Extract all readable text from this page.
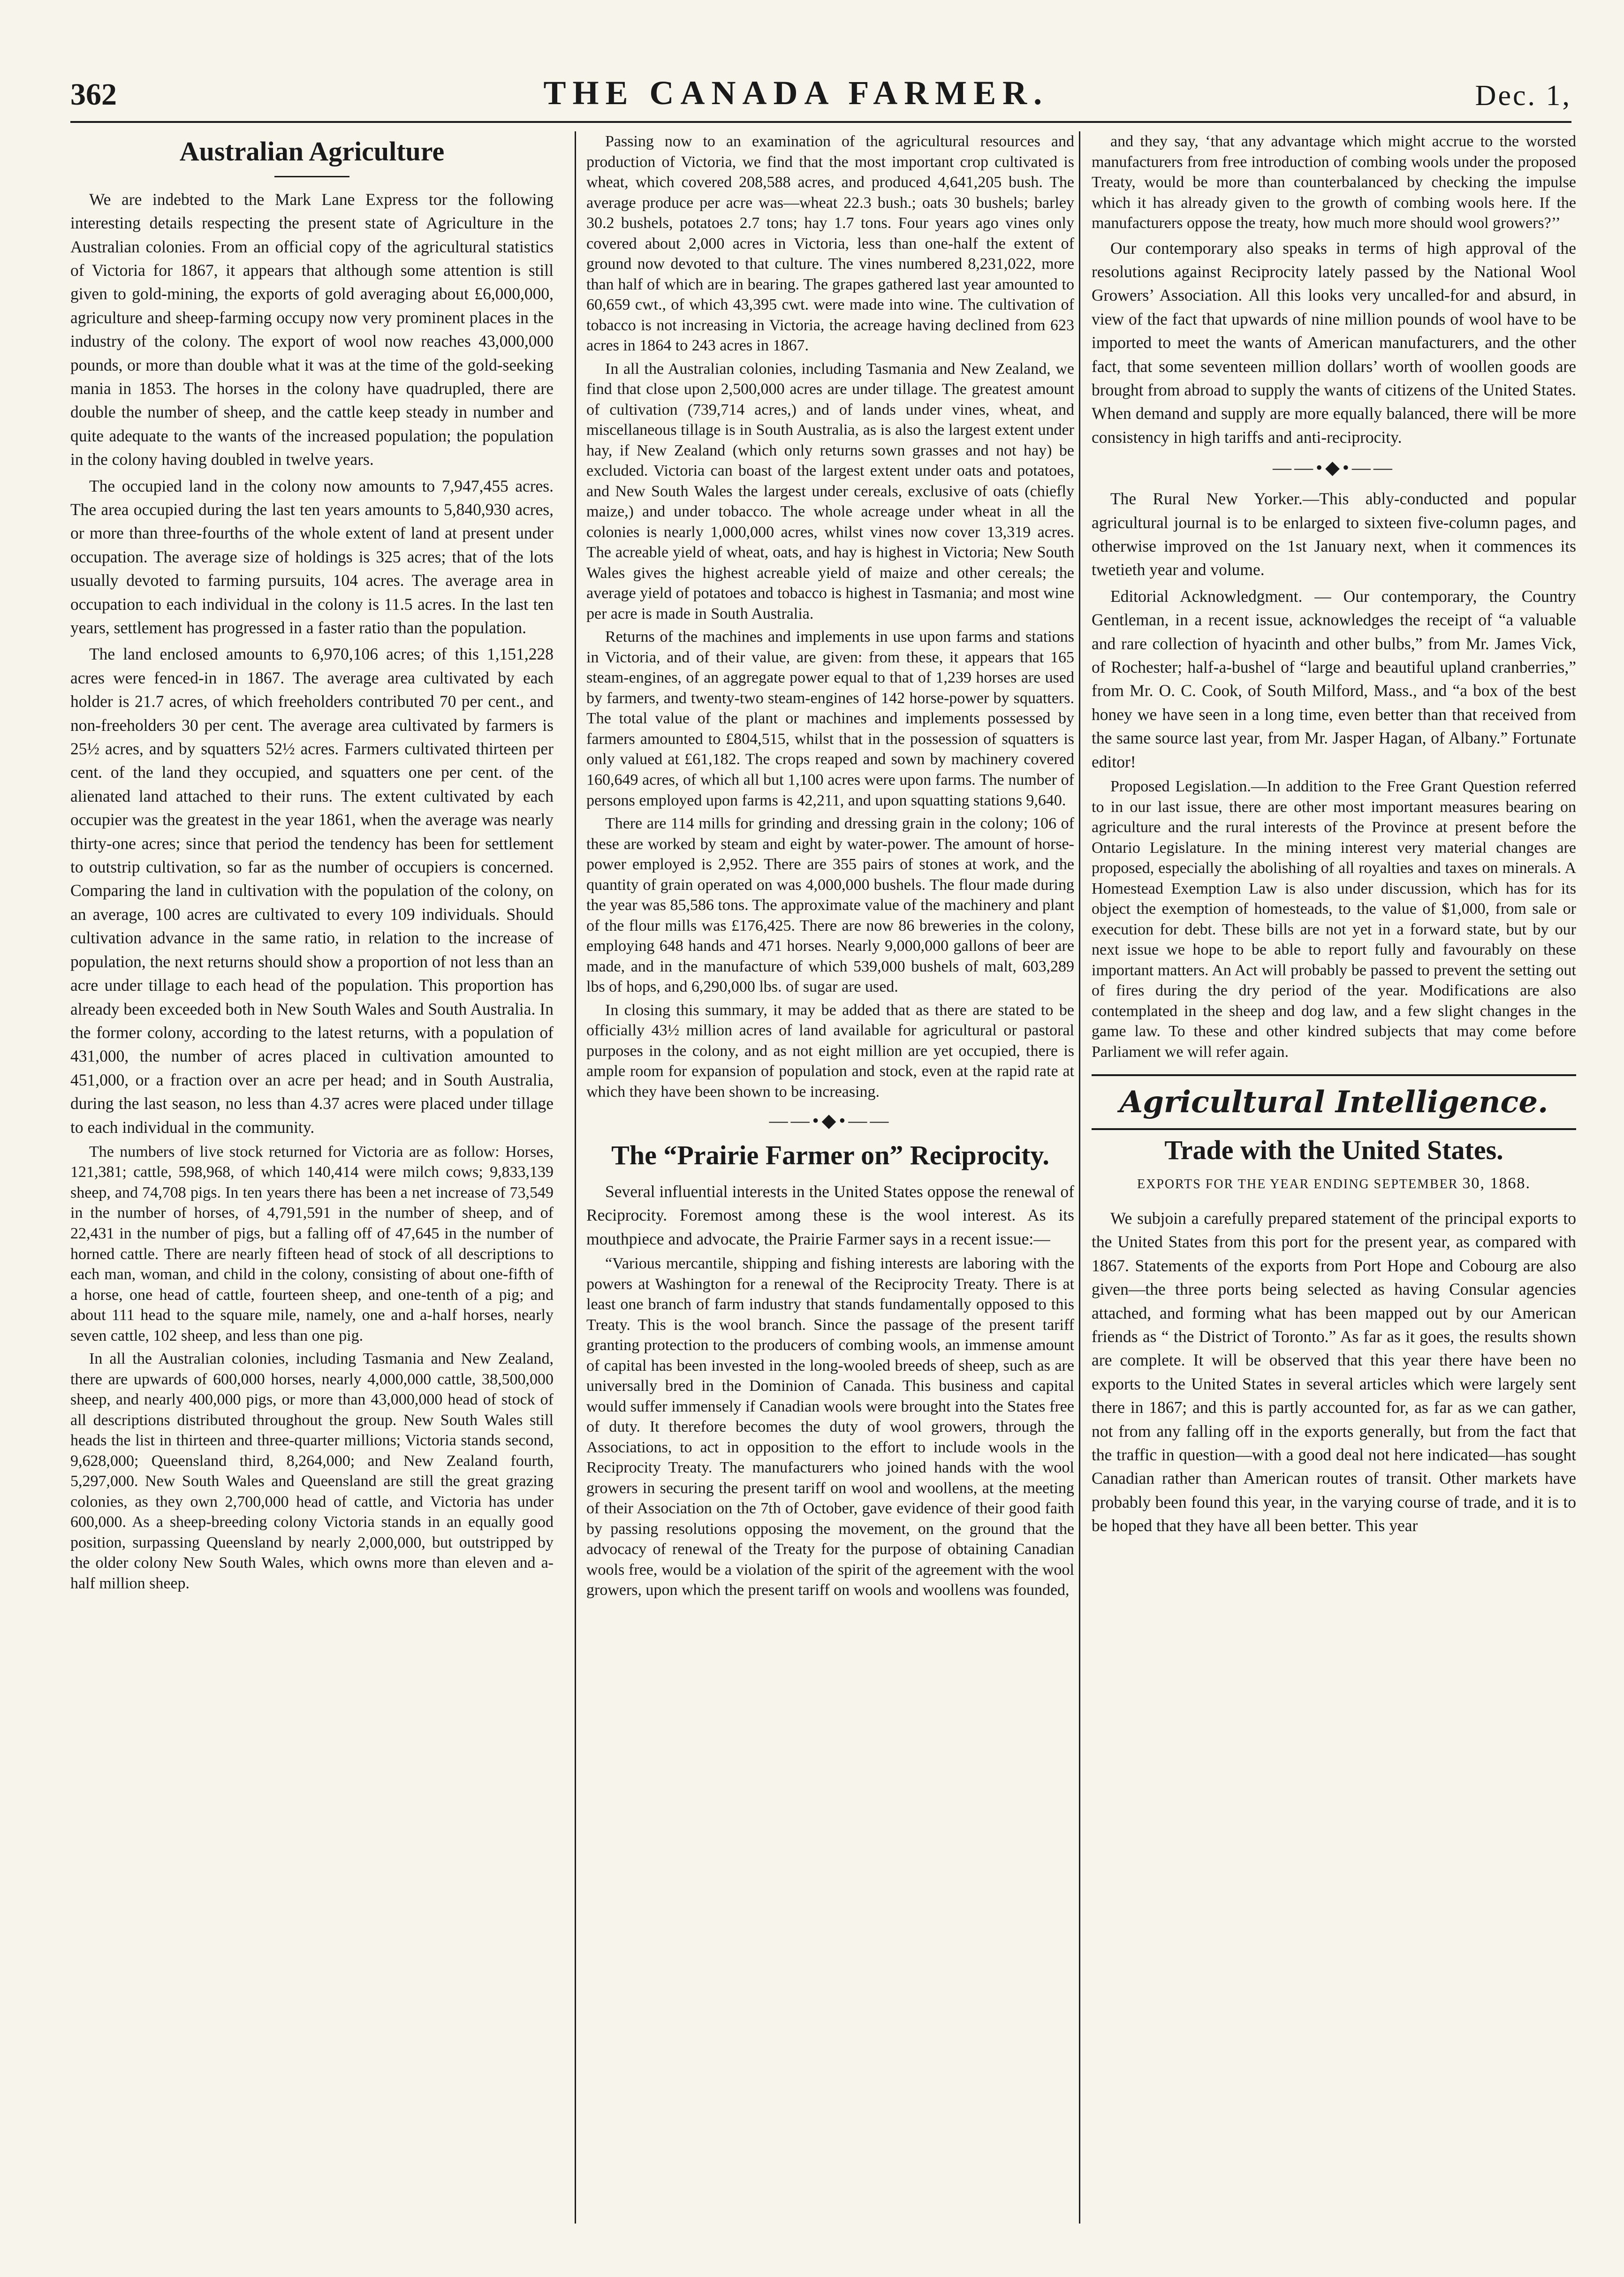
362	THE CANADA FARMER.	Dec. 1,
Australian Agriculture

We are indebted to the Mark Lane Express tor the following interesting details respecting the present state of Agriculture in the Australian colonies. From an official copy of the agricultural statistics of Victoria for 1867, it appears that although some attention is still given to gold-mining, the exports of gold averaging about £6,000,000, agriculture and sheep-farming occupy now very prominent places in the industry of the colony. The export of wool now reaches 43,000,000 pounds, or more than double what it was at the time of the gold-seeking mania in 1853. The horses in the colony have quadrupled, there are double the number of sheep, and the cattle keep steady in number and quite adequate to the wants of the increased population; the population in the colony having doubled in twelve years.

The occupied land in the colony now amounts to 7,947,455 acres. The area occupied during the last ten years amounts to 5,840,930 acres, or more than three-fourths of the whole extent of land at present under occupation. The average size of holdings is 325 acres; that of the lots usually devoted to farming pursuits, 104 acres. The average area in occupation to each individual in the colony is 11.5 acres. In the last ten years, settlement has progressed in a faster ratio than the population.

The land enclosed amounts to 6,970,106 acres; of this 1,151,228 acres were fenced-in in 1867. The average area cultivated by each holder is 21.7 acres, of which freeholders contributed 70 per cent., and non-freeholders 30 per cent. The average area cultivated by farmers is 25½ acres, and by squatters 52½ acres. Farmers cultivated thirteen per cent. of the land they occupied, and squatters one per cent. of the alienated land attached to their runs. The extent cultivated by each occupier was the greatest in the year 1861, when the average was nearly thirty-one acres; since that period the tendency has been for settlement to outstrip cultivation, so far as the number of occupiers is concerned. Comparing the land in cultivation with the population of the colony, on an average, 100 acres are cultivated to every 109 individuals. Should cultivation advance in the same ratio, in relation to the increase of population, the next returns should show a proportion of not less than an acre under tillage to each head of the population. This proportion has already been exceeded both in New South Wales and South Australia. In the former colony, according to the latest returns, with a population of 431,000, the number of acres placed in cultivation amounted to 451,000, or a fraction over an acre per head; and in South Australia, during the last season, no less than 4.37 acres were placed under tillage to each individual in the community.

The numbers of live stock returned for Victoria are as follow: Horses, 121,381; cattle, 598,968, of which 140,414 were milch cows; 9,833,139 sheep, and 74,708 pigs. In ten years there has been a net increase of 73,549 in the number of horses, of 4,791,591 in the number of sheep, and of 22,431 in the number of pigs, but a falling off of 47,645 in the number of horned cattle. There are nearly fifteen head of stock of all descriptions to each man, woman, and child in the colony, consisting of about one-fifth of a horse, one head of cattle, fourteen sheep, and one-tenth of a pig; and about 111 head to the square mile, namely, one and a-half horses, nearly seven cattle, 102 sheep, and less than one pig.

In all the Australian colonies, including Tasmania and New Zealand, there are upwards of 600,000 horses, nearly 4,000,000 cattle, 38,500,000 sheep, and nearly 400,000 pigs, or more than 43,000,000 head of stock of all descriptions distributed throughout the group. New South Wales still heads the list in thirteen and three-quarter millions; Victoria stands second, 9,628,000; Queensland third, 8,264,000; and New Zealand fourth, 5,297,000. New South Wales and Queensland are still the great grazing colonies, as they own 2,700,000 head of cattle, and Victoria has under 600,000. As a sheep-breeding colony Victoria stands in an equally good position, surpassing Queensland by nearly 2,000,000, but outstripped by the older colony New South Wales, which owns more than eleven and a-half million sheep.

Passing now to an examination of the agricultural resources and production of Victoria, we find that the most important crop cultivated is wheat, which covered 208,588 acres, and produced 4,641,205 bush. The average produce per acre was—wheat 22.3 bush.; oats 30 bushels; barley 30.2 bushels, potatoes 2.7 tons; hay 1.7 tons. Four years ago vines only covered about 2,000 acres in Victoria, less than one-half the extent of ground now devoted to that culture. The vines numbered 8,231,022, more than half of which are in bearing. The grapes gathered last year amounted to 60,659 cwt., of which 43,395 cwt. were made into wine. The cultivation of tobacco is not increasing in Victoria, the acreage having declined from 623 acres in 1864 to 243 acres in 1867.

In all the Australian colonies, including Tasmania and New Zealand, we find that close upon 2,500,000 acres are under tillage. The greatest amount of cultivation (739,714 acres,) and of lands under vines, wheat, and miscellaneous tillage is in South Australia, as is also the largest extent under hay, if New Zealand (which only returns sown grasses and not hay) be excluded. Victoria can boast of the largest extent under oats and potatoes, and New South Wales the largest under cereals, exclusive of oats (chiefly maize,) and under tobacco. The whole acreage under wheat in all the colonies is nearly 1,000,000 acres, whilst vines now cover 13,319 acres. The acreable yield of wheat, oats, and hay is highest in Victoria; New South Wales gives the highest acreable yield of maize and other cereals; the average yield of potatoes and tobacco is highest in Tasmania; and most wine per acre is made in South Australia.

Returns of the machines and implements in use upon farms and stations in Victoria, and of their value, are given: from these, it appears that 165 steam-engines, of an aggregate power equal to that of 1,239 horses are used by farmers, and twenty-two steam-engines of 142 horse-power by squatters. The total value of the plant or machines and implements possessed by farmers amounted to £804,515, whilst that in the possession of squatters is only valued at £61,182. The crops reaped and sown by machinery covered 160,649 acres, of which all but 1,100 acres were upon farms. The number of persons employed upon farms is 42,211, and upon squatting stations 9,640.

There are 114 mills for grinding and dressing grain in the colony; 106 of these are worked by steam and eight by water-power. The amount of horse-power employed is 2,952. There are 355 pairs of stones at work, and the quantity of grain operated on was 4,000,000 bushels. The flour made during the year was 85,586 tons. The approximate value of the machinery and plant of the flour mills was £176,425. There are now 86 breweries in the colony, employing 648 hands and 471 horses. Nearly 9,000,000 gallons of beer are made, and in the manufacture of which 539,000 bushels of malt, 603,289 lbs of hops, and 6,290,000 lbs. of sugar are used.

In closing this summary, it may be added that as there are stated to be officially 43½ million acres of land available for agricultural or pastoral purposes in the colony, and as not eight million are yet occupied, there is ample room for expansion of population and stock, even at the rapid rate at which they have been shown to be increasing.

——•◆•——
The “Prairie Farmer on” Reciprocity.

Several influential interests in the United States oppose the renewal of Reciprocity. Foremost among these is the wool interest. As its mouthpiece and advocate, the Prairie Farmer says in a recent issue:—

“Various mercantile, shipping and fishing interests are laboring with the powers at Washington for a renewal of the Reciprocity Treaty. There is at least one branch of farm industry that stands fundamentally opposed to this Treaty. This is the wool branch. Since the passage of the present tariff granting protection to the producers of combing wools, an immense amount of capital has been invested in the long-wooled breeds of sheep, such as are universally bred in the Dominion of Canada. This business and capital would suffer immensely if Canadian wools were brought into the States free of duty. It therefore becomes the duty of wool growers, through the Associations, to act in opposition to the effort to include wools in the Reciprocity Treaty. The manufacturers who joined hands with the wool growers in securing the present tariff on wool and woollens, at the meeting of their Association on the 7th of October, gave evidence of their good faith by passing resolutions opposing the movement, on the ground that the advocacy of renewal of the Treaty for the purpose of obtaining Canadian wools free, would be a violation of the spirit of the agreement with the wool growers, upon which the present tariff on wools and woollens was founded,

and they say, ‘that any advantage which might accrue to the worsted manufacturers from free introduction of combing wools under the proposed Treaty, would be more than counterbalanced by checking the impulse which it has already given to the growth of combing wools here. If the manufacturers oppose the treaty, how much more should wool growers?’’

Our contemporary also speaks in terms of high approval of the resolutions against Reciprocity lately passed by the National Wool Growers’ Association. All this looks very uncalled-for and absurd, in view of the fact that upwards of nine million pounds of wool have to be imported to meet the wants of American manufacturers, and the other fact, that some seventeen million dollars’ worth of woollen goods are brought from abroad to supply the wants of citizens of the United States. When demand and supply are more equally balanced, there will be more consistency in high tariffs and anti-reciprocity.

——•◆•——

The Rural New Yorker.—This ably-conducted and popular agricultural journal is to be enlarged to sixteen five-column pages, and otherwise improved on the 1st January next, when it commences its twetieth year and volume.

Editorial Acknowledgment. — Our contemporary, the Country Gentleman, in a recent issue, acknowledges the receipt of “a valuable and rare collection of hyacinth and other bulbs,” from Mr. James Vick, of Rochester; half-a-bushel of “large and beautiful upland cranberries,” from Mr. O. C. Cook, of South Milford, Mass., and “a box of the best honey we have seen in a long time, even better than that received from the same source last year, from Mr. Jasper Hagan, of Albany.” Fortunate editor!

Proposed Legislation.—In addition to the Free Grant Question referred to in our last issue, there are other most important measures bearing on agriculture and the rural interests of the Province at present before the Ontario Legislature. In the mining interest very material changes are proposed, especially the abolishing of all royalties and taxes on minerals. A Homestead Exemption Law is also under discussion, which has for its object the exemption of homesteads, to the value of $1,000, from sale or execution for debt. These bills are not yet in a forward state, but by our next issue we hope to be able to report fully and favourably on these important matters. An Act will probably be passed to prevent the setting out of fires during the dry period of the year. Modifications are also contemplated in the sheep and dog law, and a few slight changes in the game law. To these and other kindred subjects that may come before Parliament we will refer again.

Agricultural Intelligence.
Trade with the United States.
EXPORTS FOR THE YEAR ENDING SEPTEMBER 30, 1868.

We subjoin a carefully prepared statement of the principal exports to the United States from this port for the present year, as compared with 1867. Statements of the exports from Port Hope and Cobourg are also given—the three ports being selected as having Consular agencies attached, and forming what has been mapped out by our American friends as “ the District of Toronto.” As far as it goes, the results shown are complete. It will be observed that this year there have been no exports to the United States in several articles which were largely sent there in 1867; and this is partly accounted for, as far as we can gather, not from any falling off in the exports generally, but from the fact that the traffic in question—with a good deal not here indicated—has sought Canadian rather than American routes of transit. Other markets have probably been found this year, in the varying course of trade, and it is to be hoped that they have all been better. This year
